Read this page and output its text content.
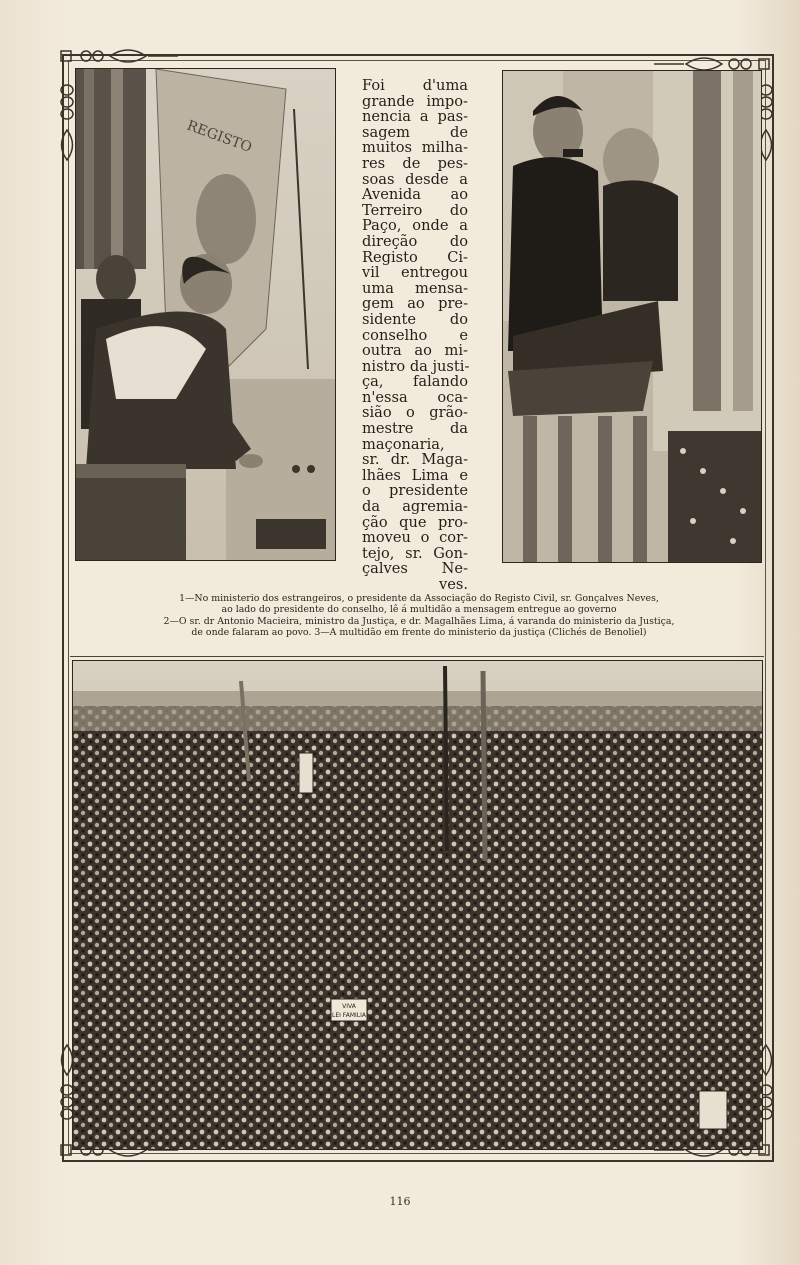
REGISTO
Foi d'uma
grande impo-
nencia a pas-
sagem de
muitos milha-
res de pes-
soas desde a
Avenida ao
Terreiro do
Paço, onde a
direção do
Registo Ci-
vil entregou
uma mensa-
gem ao pre-
sidente do
conselho e
outra ao mi-
nistro da justi-
ça, falando
n'essa oca-
sião o grão-
mestre da
maçonaria,
sr. dr. Maga-
lhães Lima e
o presidente
da agremia-
ção que pro-
moveu o cor-
tejo, sr. Gon-
çalves Ne-
ves.
1—No ministerio dos estrangeiros, o presidente da Associação do Registo Civil, sr. Gonçalves Neves,
ao lado do presidente do conselho, lê á multidão a mensagem entregue ao governo
2—O sr. dr Antonio Macieira, ministro da Justiça, e dr. Magalhães Lima, á varanda do ministerio da Justiça,
de onde falaram ao povo. 3—A multidão em frente do ministerio da justiça (Clichés de Benoliel)
VIVA
LEI FAMILIA
116
